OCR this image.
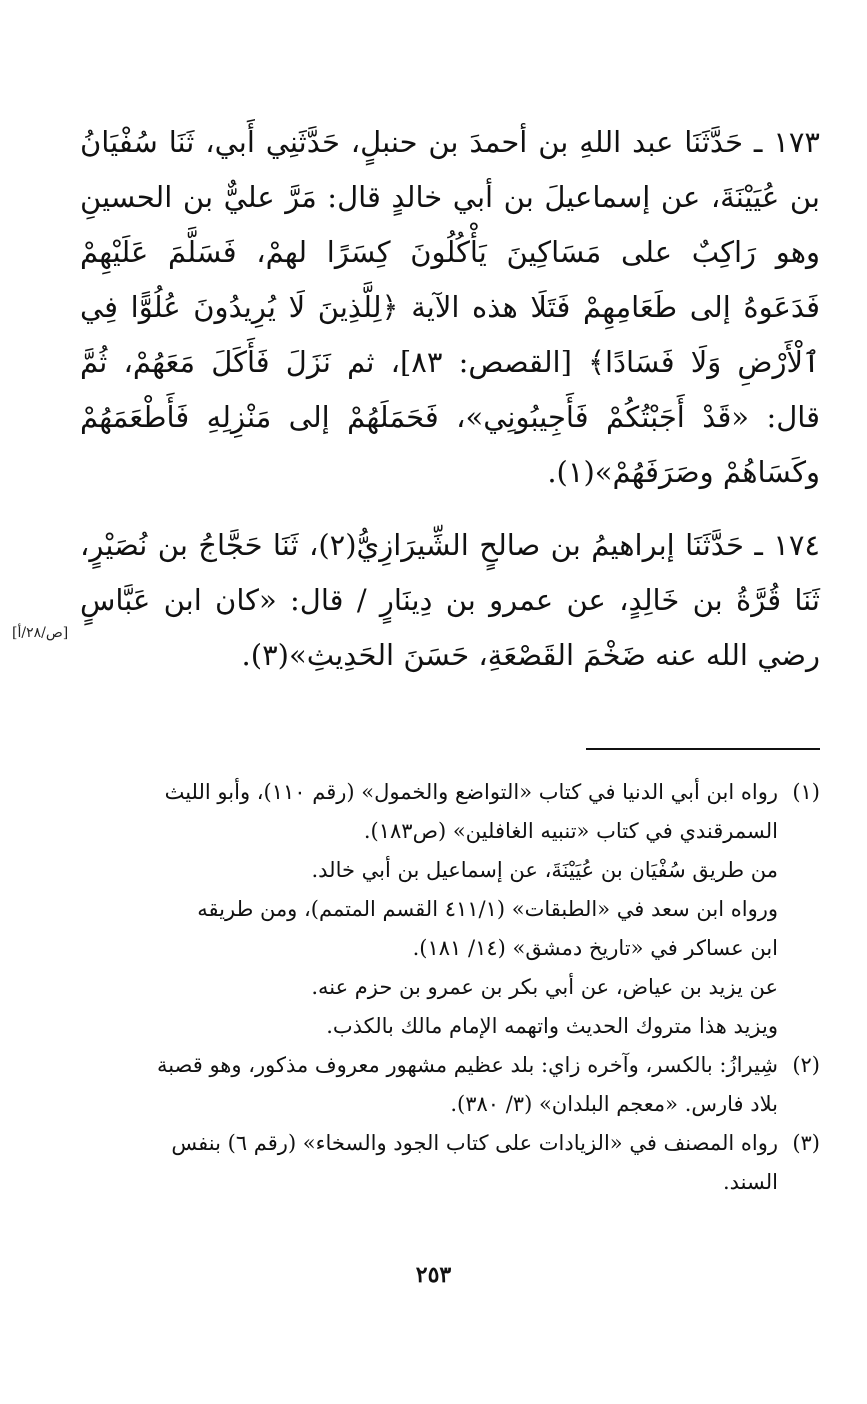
١٧٣ ـ حَدَّثَنَا عبد اللهِ بن أحمدَ بن حنبلٍ، حَدَّثَنِي أَبي، ثَنَا سُفْيَانُ بن عُيَيْنَةَ، عن إسماعيلَ بن أبي خالدٍ قال: مَرَّ عليٌّ بن الحسينِ وهو رَاكِبٌ على مَسَاكِينَ يَأْكُلُونَ كِسَرًا لهمْ، فَسَلَّمَ عَلَيْهِمْ فَدَعَوهُ إلى طَعَامِهِمْ فَتَلَا هذه الآية ﴿لِلَّذِينَ لَا يُرِيدُونَ عُلُوًّا فِي ٱلْأَرْضِ وَلَا فَسَادًا﴾ [القصص: ٨٣]، ثم نَزَلَ فَأَكَلَ مَعَهُمْ، ثُمَّ قال: «قَدْ أَجَبْتُكُمْ فَأَجِيبُونِي»، فَحَمَلَهُمْ إلى مَنْزِلِهِ فَأَطْعَمَهُمْ وكَسَاهُمْ وصَرَفَهُمْ»(١).

١٧٤ ـ حَدَّثَنَا إبراهيمُ بن صالحٍ الشِّيرَازِيُّ(٢)، ثَنَا حَجَّاجُ بن نُصَيْرٍ، ثَنَا قُرَّةُ بن خَالِدٍ، عن عمرو بن دِينَارٍ / قال: «كان ابن عَبَّاسٍ رضي الله عنه ضَخْمَ القَصْعَةِ، حَسَنَ الحَدِيثِ»(٣).

[ص/٢٨/أ]
(١)
رواه ابن أبي الدنيا في كتاب «التواضع والخمول» (رقم ١١٠)، وأبو الليث
السمرقندي في كتاب «تنبيه الغافلين» (ص١٨٣).
من طريق سُفْيَان بن عُيَيْنَةَ، عن إسماعيل بن أبي خالد.
ورواه ابن سعد في «الطبقات» (٤١١/١ القسم المتمم)، ومن طريقه
ابن عساكر في «تاريخ دمشق» (١٤/ ١٨١).
عن يزيد بن عياض، عن أبي بكر بن عمرو بن حزم عنه.
ويزيد هذا متروك الحديث واتهمه الإمام مالك بالكذب.
(٢)
شِيرازُ: بالكسر، وآخره زاي: بلد عظيم مشهور معروف مذكور، وهو قصبة
بلاد فارس. «معجم البلدان» (٣/ ٣٨٠).
(٣)
رواه المصنف في «الزيادات على كتاب الجود والسخاء» (رقم ٦) بنفس
السند.
٢٥٣
